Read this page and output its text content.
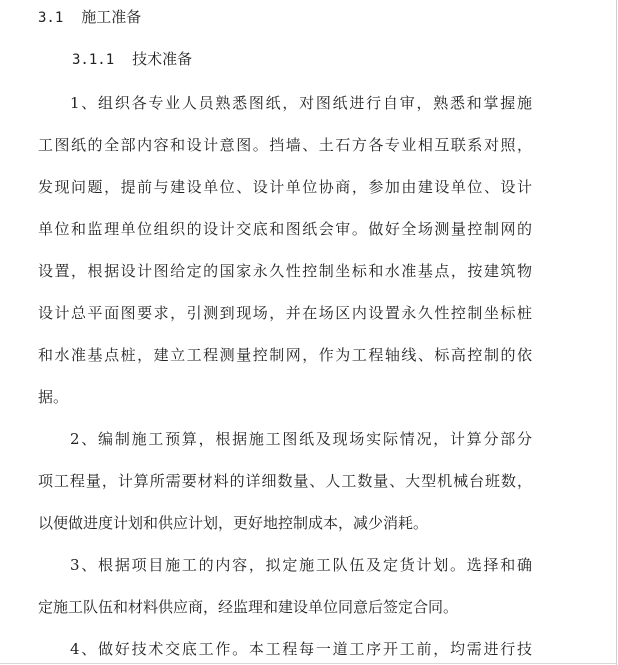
3.1 施工准备
3.1.1 技术准备
1、组织各专业人员熟悉图纸，对图纸进行自审，熟悉和掌握施
工图纸的全部内容和设计意图。挡墙、土石方各专业相互联系对照，
发现问题，提前与建设单位、设计单位协商，参加由建设单位、设计
单位和监理单位组织的设计交底和图纸会审。做好全场测量控制网的
设置，根据设计图给定的国家永久性控制坐标和水准基点，按建筑物
设计总平面图要求，引测到现场，并在场区内设置永久性控制坐标桩
和水准基点桩，建立工程测量控制网，作为工程轴线、标高控制的依
据。
2、编制施工预算，根据施工图纸及现场实际情况，计算分部分
项工程量，计算所需要材料的详细数量、人工数量、大型机械台班数，
以便做进度计划和供应计划，更好地控制成本，减少消耗。
3、根据项目施工的内容，拟定施工队伍及定货计划。选择和确
定施工队伍和材料供应商，经监理和建设单位同意后签定合同。
4、做好技术交底工作。本工程每一道工序开工前，均需进行技
